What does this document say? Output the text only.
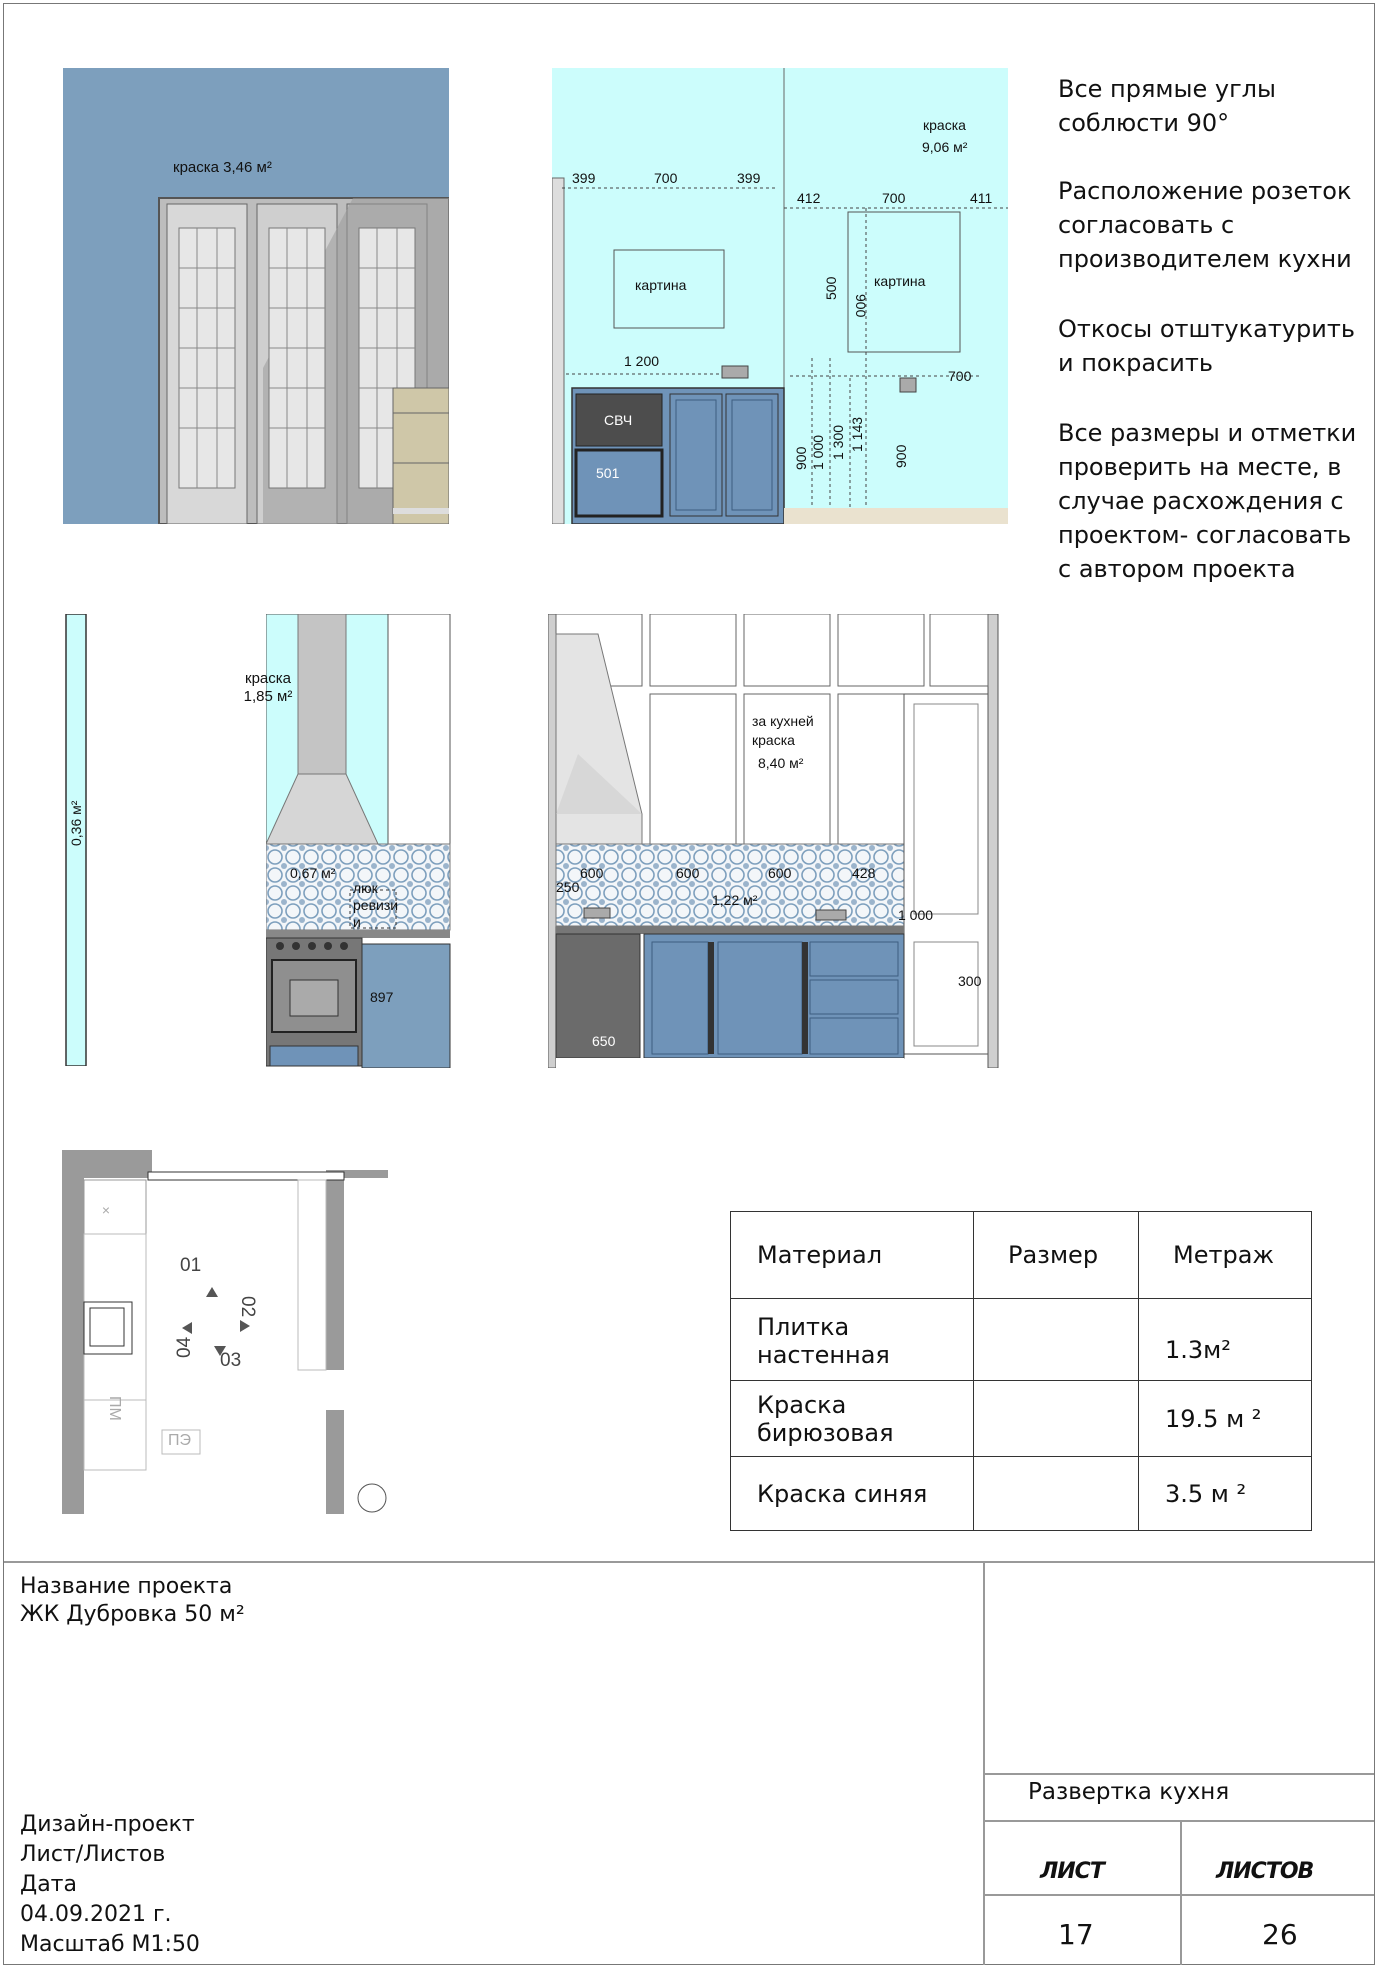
краска 3,46 м²
399	700	399
412	700	411
1 200
700
картина	картина
СВЧ
501
краска
9,06 м²
500
900
900 1 000 1 300 1 143
900
Все прямые углы соблюсти 90°
Расположение розеток согласовать с производителем кухни
Откосы отштукатурить и покрасить
Все размеры и отметки проверить на месте, в случае расхождения с проектом- согласовать с автором проекта
0,36 м²
0,67 м²
люк
ревизи
и
897
краска
1,85 м²
250
600	600	600	428
1 000
300
650
1,22 м²
за кухней
краска
8,40 м²
×
01
02
03
04
ПМ
ПЭ
Материал	Размер	Метраж
Плитка настенная		1.3м²
Краска бирюзовая		19.5 м ²
Краска синяя		3.5 м ²
Название проекта
ЖК Дубровка 50 м²
Дизайн-проект
Лист/Листов
Дата
04.09.2021 г.
Масштаб М1:50
Развертка кухня
ЛИСТ	ЛИСТОВ
17	26
